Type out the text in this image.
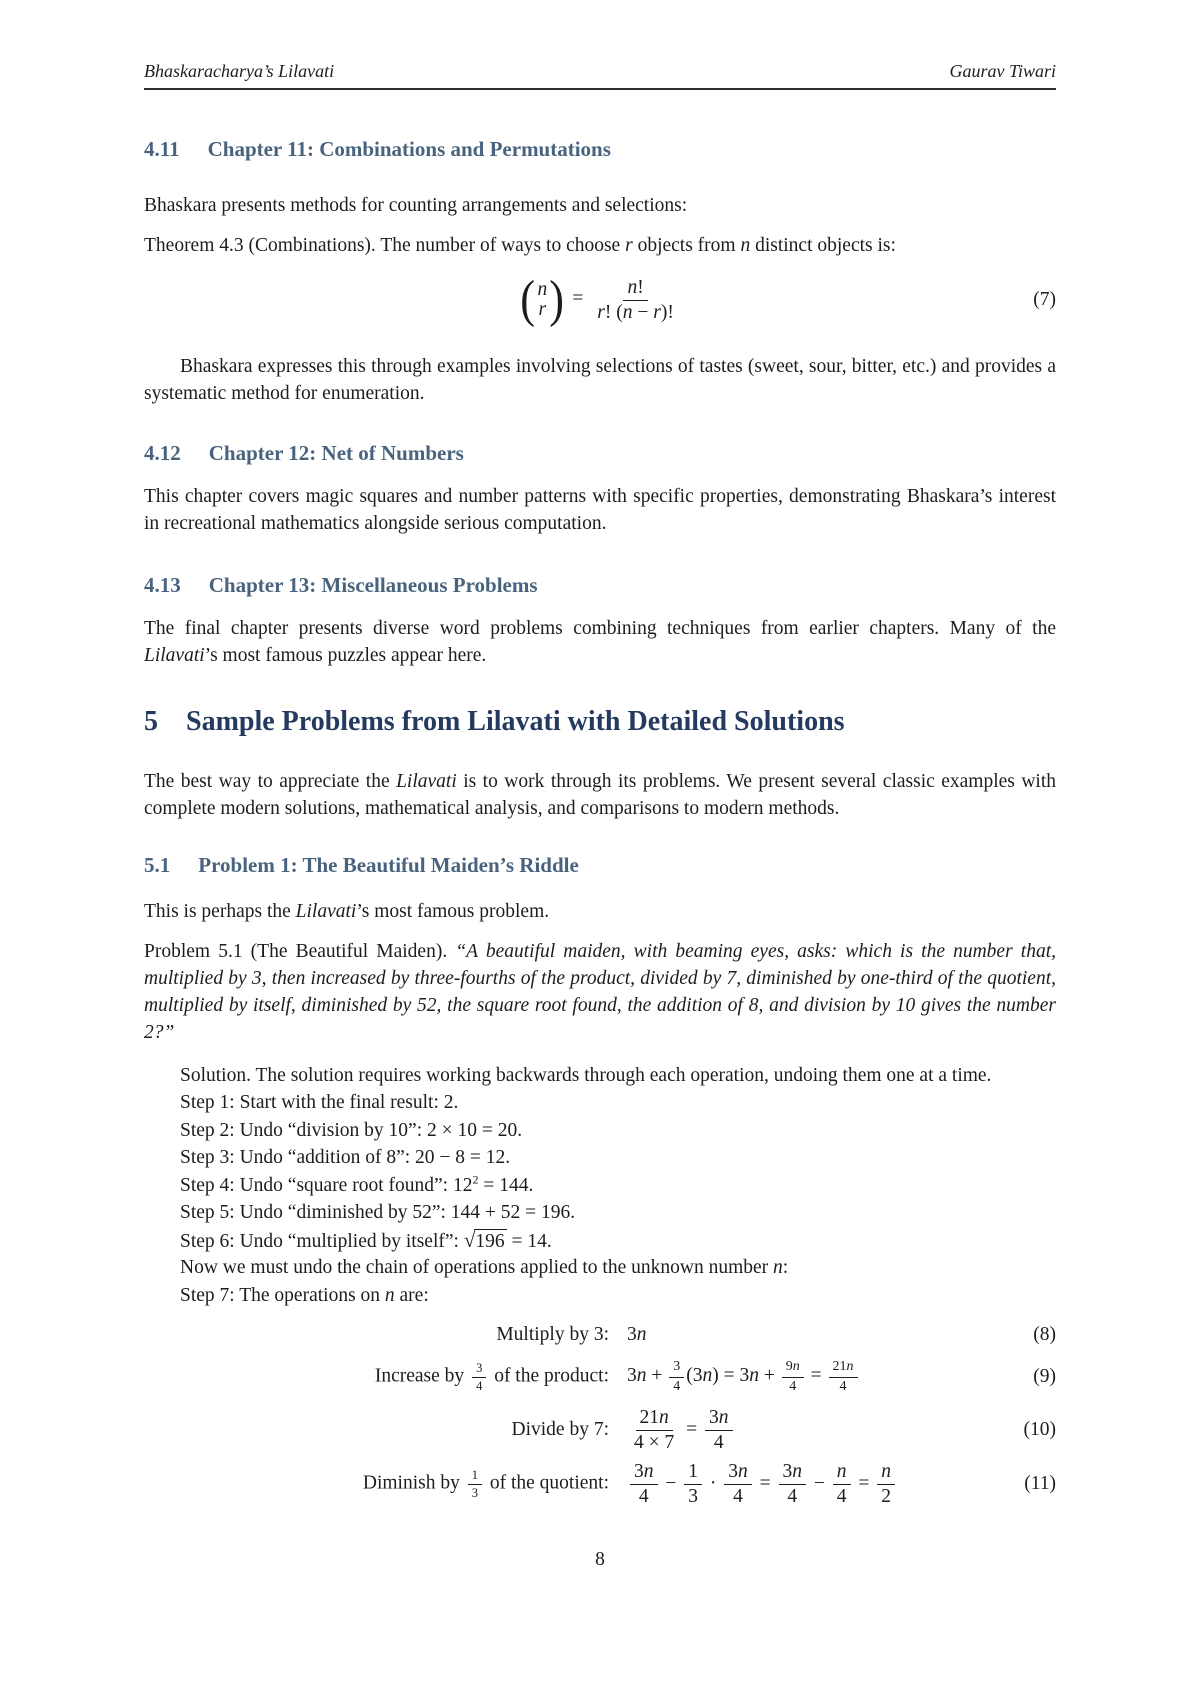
Bhaskaracharya’s Lilavati	Gaurav Tiwari
4.11 Chapter 11: Combinations and Permutations

Bhaskara presents methods for counting arrangements and selections:

Theorem 4.3 (Combinations). The number of ways to choose r objects from n distinct objects is:

( n
r ) = $\frac{n!}{r! (n - r)!}$	(7)

Bhaskara expresses this through examples involving selections of tastes (sweet, sour, bitter, etc.) and provides a systematic method for enumeration.

4.12 Chapter 12: Net of Numbers

This chapter covers magic squares and number patterns with specific properties, demonstrating Bhaskara’s interest in recreational mathematics alongside serious computation.

4.13 Chapter 13: Miscellaneous Problems

The final chapter presents diverse word problems combining techniques from earlier chapters. Many of the Lilavati’s most famous puzzles appear here.

5 Sample Problems from Lilavati with Detailed Solutions

The best way to appreciate the Lilavati is to work through its problems. We present several classic examples with complete modern solutions, mathematical analysis, and comparisons to modern methods.

5.1 Problem 1: The Beautiful Maiden’s Riddle

This is perhaps the Lilavati’s most famous problem.

Problem 5.1 (The Beautiful Maiden). “A beautiful maiden, with beaming eyes, asks: which is the number that, multiplied by 3, then increased by three-fourths of the product, divided by 7, diminished by one-third of the quotient, multiplied by itself, diminished by 52, the square root found, the addition of 8, and division by 10 gives the number 2?”

Solution. The solution requires working backwards through each operation, undoing them one at a time.

Step 1: Start with the final result: 2.
Step 2: Undo “division by 10”: 2 × 10 = 20.
Step 3: Undo “addition of 8”: 20 − 8 = 12.
Step 4: Undo “square root found”: $12^2 = 144$.
Step 5: Undo “diminished by 52”: 144 + 52 = 196.
Step 6: Undo “multiplied by itself”: √196 = 14.
Now we must undo the chain of operations applied to the unknown number n:
Step 7: The operations on n are:
Multiply by 3: 3n	(8)
Increase by $\frac{3}{4}$ of the product: $3n + \frac{3}{4} (3n) = 3n + \frac{9n}{4} = \frac{21n}{4}$	(9)
Divide by 7: $\frac{21n}{4 \times 7} = \frac{3n}{4}$	(10)
Diminish by $\frac{1}{3}$ of the quotient: $\frac{3n}{4} - \frac{1}{3} \cdot \frac{3n}{4} = \frac{3n}{4} - \frac{n}{4} = \frac{n}{2}$	(11)
8
